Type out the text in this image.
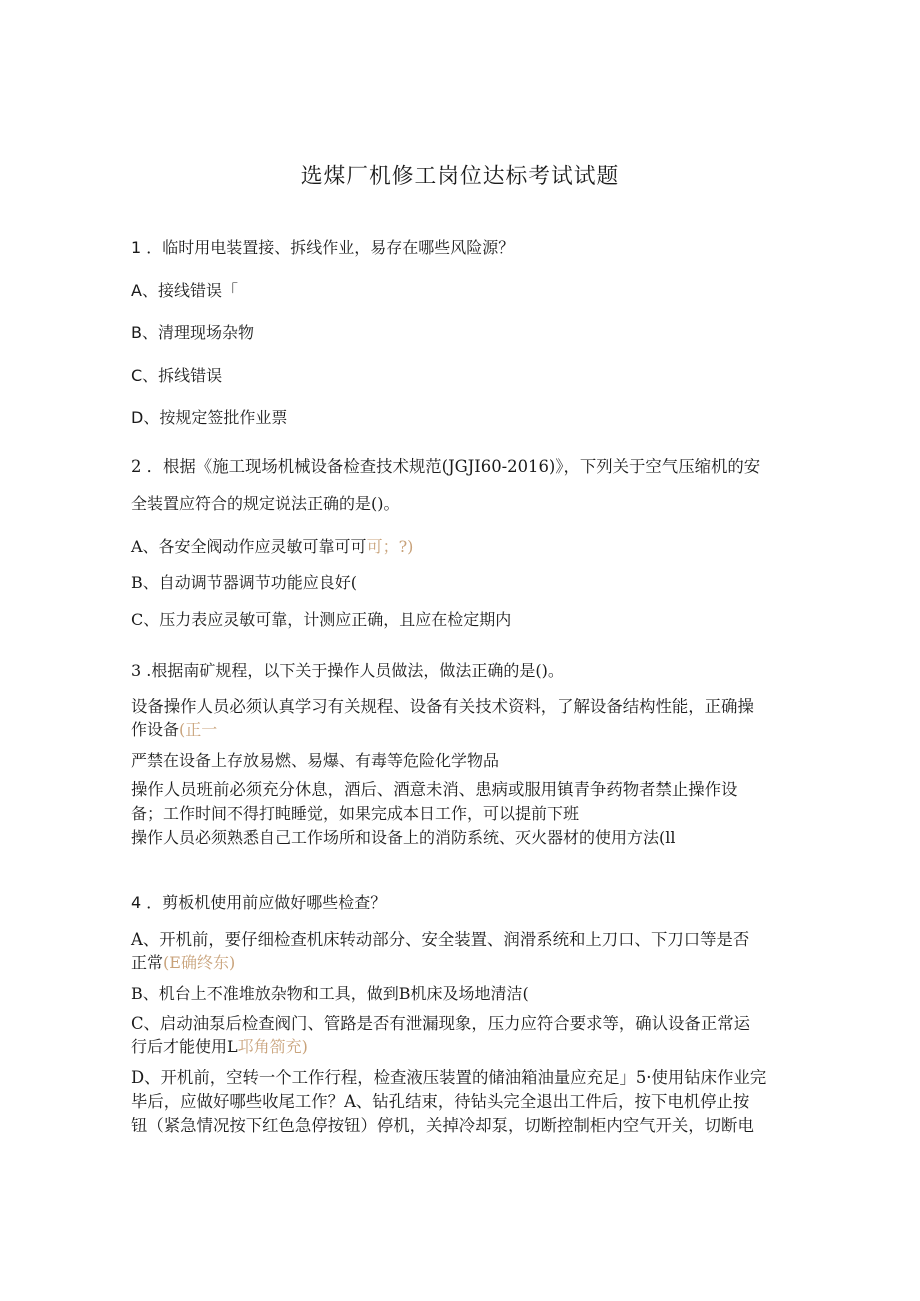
选煤厂机修工岗位达标考试试题
1 ．临时用电装置接、拆线作业，易存在哪些风险源？
A、接线错误「
B、清理现场杂物
C、拆线错误
D、按规定签批作业票
2 ．根据《施工现场机械设备检查技术规范(JGJI60-2016)》，下列关于空气压缩机的安
全装置应符合的规定说法正确的是()。
A、各安全阀动作应灵敏可靠可可可；?)
B、自动调节器调节功能应良好(
C、压力表应灵敏可靠，计测应正确，且应在检定期内
3 .根据南矿规程，以下关于操作人员做法，做法正确的是()。
设备操作人员必须认真学习有关规程、设备有关技术资料，了解设备结构性能，正确操
作设备(正一
严禁在设备上存放易燃、易爆、有毒等危险化学物品
操作人员班前必须充分休息，酒后、酒意未消、患病或服用镇青争药物者禁止操作设
备；工作时间不得打盹睡觉，如果完成本日工作，可以提前下班
操作人员必须熟悉自己工作场所和设备上的消防系统、灭火器材的使用方法(ll
4 ．剪板机使用前应做好哪些检查？
A、开机前，要仔细检查机床转动部分、安全装置、润滑系统和上刀口、下刀口等是否
正常(E确终东)
B、机台上不准堆放杂物和工具，做到B机床及场地清洁(
C、启动油泵后检查阀门、管路是否有泄漏现象，压力应符合要求等，确认设备正常运
行后才能使用L邛角箚充)
D、开机前，空转一个工作行程，检查液压装置的储油箱油量应充足」5·使用钻床作业完
毕后，应做好哪些收尾工作？A、钻孔结束，待钻头完全退出工件后，按下电机停止按
钮（紧急情况按下红色急停按钮）停机，关掉冷却泵，切断控制柜内空气开关，切断电
